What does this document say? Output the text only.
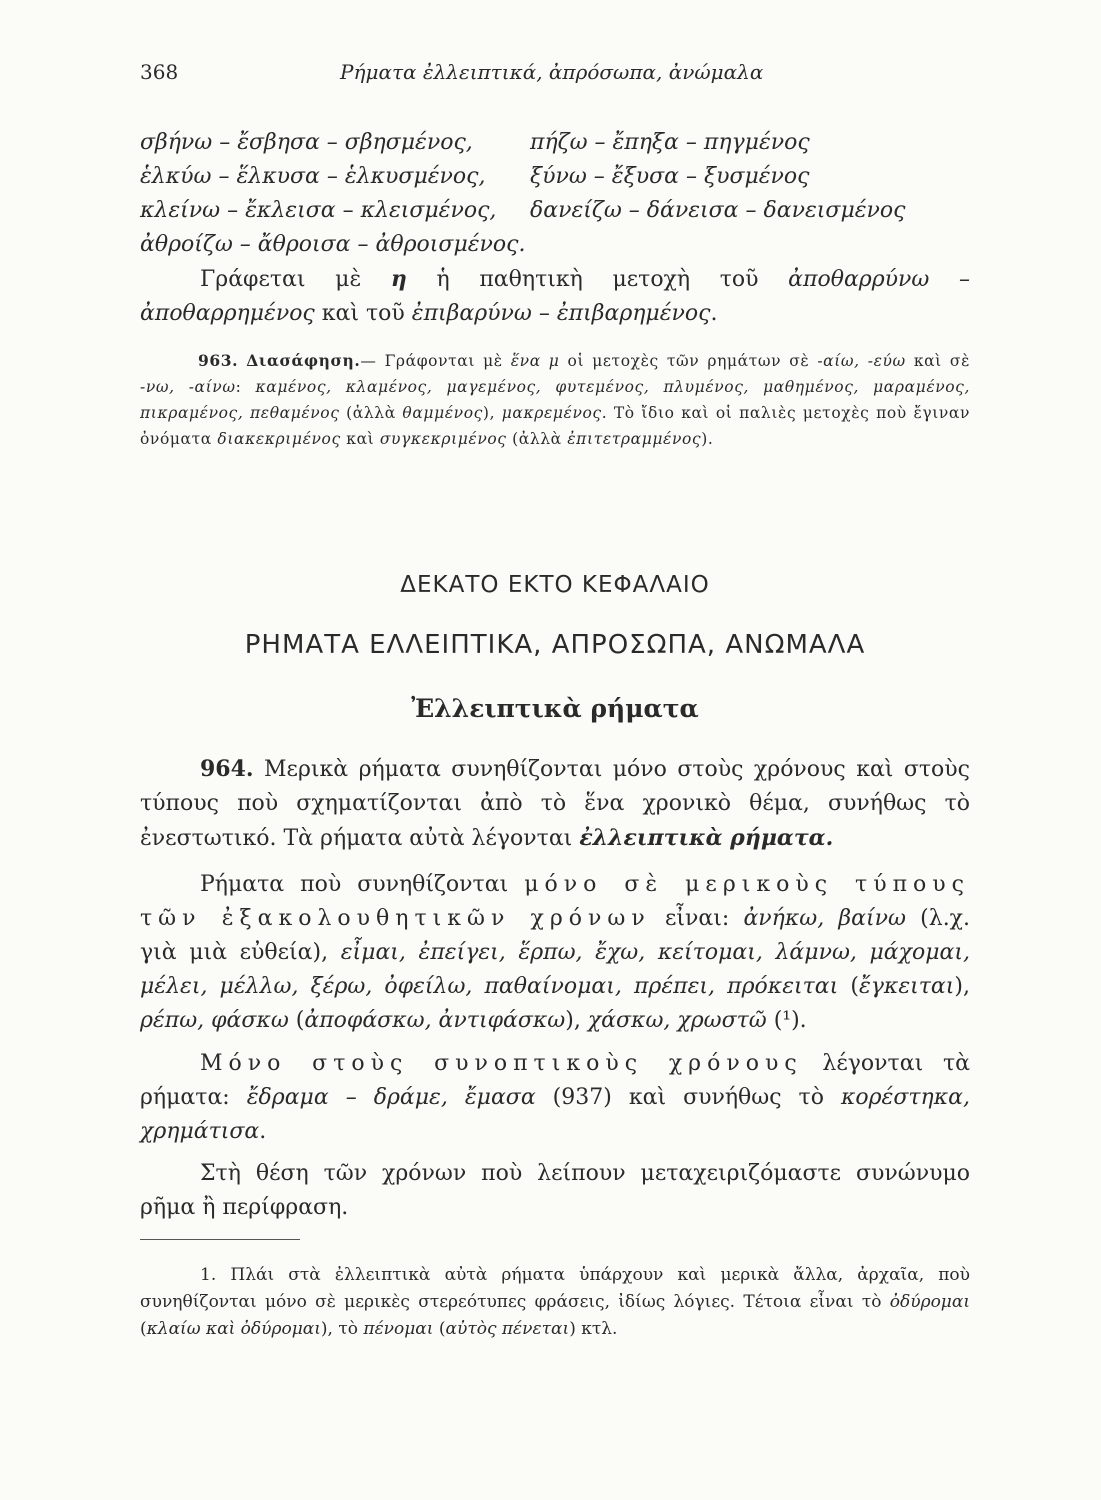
368	Ρήματα ἐλλειπτικά, ἀπρόσωπα, ἀνώμαλα
σβήνω – ἔσβησα – σβησμένος,	πήζω – ἔπηξα – πηγμένος
ἑλκύω – ἕλκυσα – ἑλκυσμένος, ξύνω – ἔξυσα – ξυσμένος
κλείνω – ἔκλεισα – κλεισμένος, δανείζω – δάνεισα – δανεισμένος
ἀθροίζω – ἄθροισα – ἀθροισμένος.

Γράφεται μὲ η ἡ παθητικὴ μετοχὴ τοῦ ἀποθαρρύνω – ἀποθαρρημένος καὶ τοῦ ἐπιβαρύνω – ἐπιβαρημένος.

963. Διασάφηση.— Γράφονται μὲ ἕνα μ οἱ μετοχὲς τῶν ρημάτων σὲ -αίω, -εύω καὶ σὲ -νω, -αίνω: καμένος, κλαμένος, μαγεμένος, φυτεμένος, πλυμένος, μαθημένος, μαραμένος, πικραμένος, πεθαμένος (ἀλλὰ θαμμένος), μακρεμένος. Τὸ ἴδιο καὶ οἱ παλιὲς μετοχὲς ποὺ ἔγιναν ὀνόματα διακεκριμένος καὶ συγκεκριμένος (ἀλλὰ ἐπιτετραμμένος).

ΔΕΚΑΤΟ ΕΚΤΟ ΚΕΦΑΛΑΙΟ
ΡΗΜΑΤΑ ΕΛΛΕΙΠΤΙΚΑ, ΑΠΡΟΣΩΠΑ, ΑΝΩΜΑΛΑ
Ἐλλειπτικὰ ρήματα

964. Μερικὰ ρήματα συνηθίζονται μόνο στοὺς χρόνους καὶ στοὺς τύπους ποὺ σχηματίζονται ἀπὸ τὸ ἕνα χρονικὸ θέμα, συνήθως τὸ ἐνεστωτικό. Τὰ ρήματα αὐτὰ λέγονται ἐλλειπτικὰ ρήματα.

Ρήματα ποὺ συνηθίζονται μόνο σὲ μερικοὺς τύπους τῶν ἐξακολουθητικῶν χρόνων εἶναι: ἀνήκω, βαίνω (λ.χ. γιὰ μιὰ εὐθεία), εἶμαι, ἐπείγει, ἕρπω, ἔχω, κείτομαι, λάμνω, μάχομαι, μέλει, μέλλω, ξέρω, ὀφείλω, παθαίνομαι, πρέπει, πρόκειται (ἔγκειται), ρέπω, φάσκω (ἀποφάσκω, ἀντιφάσκω), χάσκω, χρωστῶ (¹).

Μόνο στοὺς συνοπτικοὺς χρόνους λέγονται τὰ ρήματα: ἔδραμα – δράμε, ἔμασα (937) καὶ συνήθως τὸ κορέστηκα, χρημάτισα.

Στὴ θέση τῶν χρόνων ποὺ λείπουν μεταχειριζόμαστε συνώνυμο ρῆμα ἢ περίφραση.

1. Πλάι στὰ ἐλλειπτικὰ αὐτὰ ρήματα ὑπάρχουν καὶ μερικὰ ἄλλα, ἀρχαῖα, ποὺ συνηθίζονται μόνο σὲ μερικὲς στερεότυπες φράσεις, ἰδίως λόγιες. Τέτοια εἶναι τὸ ὀδύρομαι (κλαίω καὶ ὀδύρομαι), τὸ πένομαι (αὐτὸς πένεται) κτλ.
